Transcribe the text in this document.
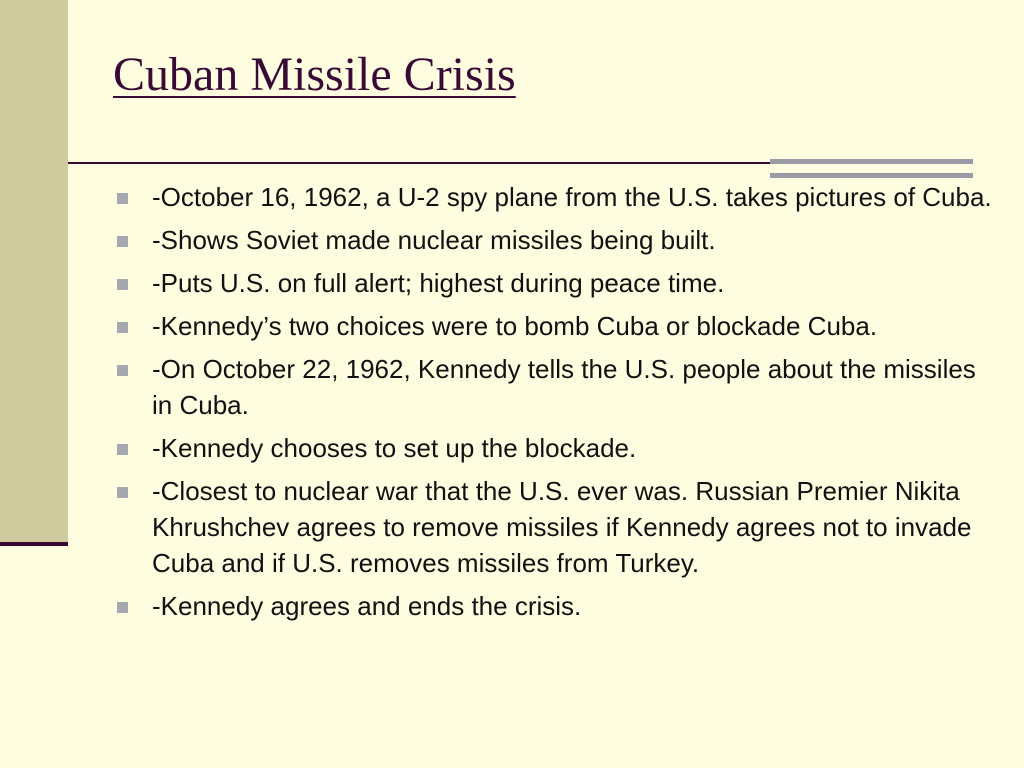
Cuban Missile Crisis
-October 16, 1962, a U-2 spy plane from the U.S. takes pictures of Cuba.
-Shows Soviet made nuclear missiles being built.
-Puts U.S. on full alert; highest during peace time.
-Kennedy’s two choices were to bomb Cuba or blockade Cuba.
-On October 22, 1962, Kennedy tells the U.S. people about the missiles in Cuba.
-Kennedy chooses to set up the blockade.
-Closest to nuclear war that the U.S. ever was. Russian Premier Nikita Khrushchev agrees to remove missiles if Kennedy agrees not to invade Cuba and if U.S. removes missiles from Turkey.
-Kennedy agrees and ends the crisis.
